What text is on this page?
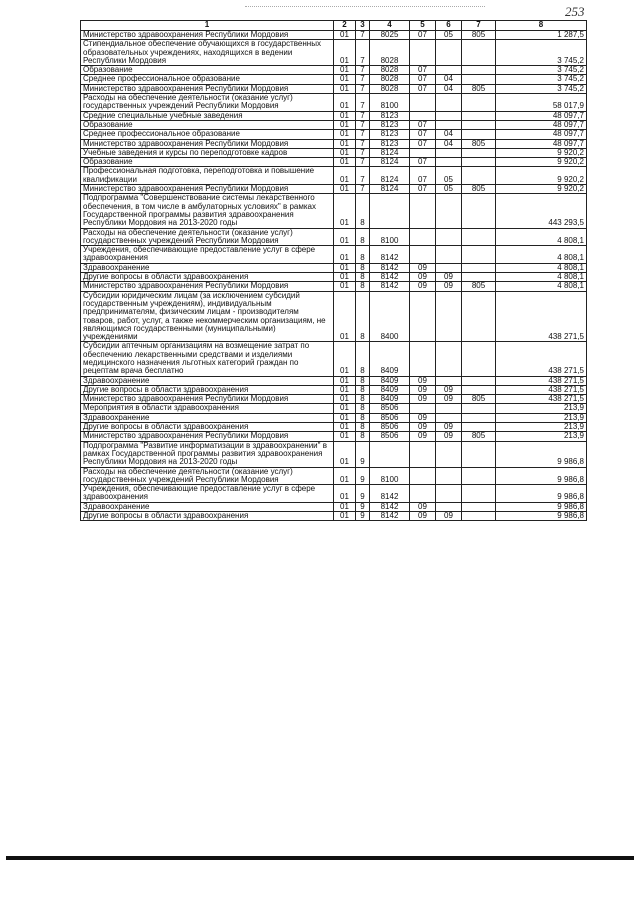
253
1	2	3	4	5	6	7	8
Министерство здравоохранения Республики Мордовия	01	7	8025	07	05	805	1 287,5
Стипендиальное обеспечение обучающихся в государственных образовательных учреждениях, находящихся в ведении Республики Мордовия	01	7	8028				3 745,2
Образование	01	7	8028	07			3 745,2
Среднее профессиональное образование	01	7	8028	07	04		3 745,2
Министерство здравоохранения Республики Мордовия	01	7	8028	07	04	805	3 745,2
Расходы на обеспечение деятельности (оказание услуг) государственных учреждений Республики Мордовия	01	7	8100				58 017,9
Средние специальные учебные заведения	01	7	8123				48 097,7
Образование	01	7	8123	07			48 097,7
Среднее профессиональное образование	01	7	8123	07	04		48 097,7
Министерство здравоохранения Республики Мордовия	01	7	8123	07	04	805	48 097,7
Учебные заведения и курсы по переподготовке кадров	01	7	8124				9 920,2
Образование	01	7	8124	07			9 920,2
Профессиональная подготовка, переподготовка и повышение квалификации	01	7	8124	07	05		9 920,2
Министерство здравоохранения Республики Мордовия	01	7	8124	07	05	805	9 920,2
Подпрограмма "Совершенствование системы лекарственного обеспечения, в том числе в амбулаторных условиях" в рамках Государственной программы развития здравоохранения Республики Мордовия на 2013-2020 годы	01	8					443 293,5
Расходы на обеспечение деятельности (оказание услуг) государственных учреждений Республики Мордовия	01	8	8100				4 808,1
Учреждения, обеспечивающие предоставление услуг в сфере здравоохранения	01	8	8142				4 808,1
Здравоохранение	01	8	8142	09			4 808,1
Другие вопросы в области здравоохранения	01	8	8142	09	09		4 808,1
Министерство здравоохранения Республики Мордовия	01	8	8142	09	09	805	4 808,1
Субсидии юридическим лицам (за исключением субсидий государственным учреждениям), индивидуальным предпринимателям, физическим лицам - производителям товаров, работ, услуг, а также некоммерческим организациям, не являющимся государственными (муниципальными) учреждениями	01	8	8400				438 271,5
Субсидии аптечным организациям на возмещение затрат по обеспечению лекарственными средствами и изделиями медицинского назначения льготных категорий граждан по рецептам врача бесплатно	01	8	8409				438 271,5
Здравоохранение	01	8	8409	09			438 271,5
Другие вопросы в области здравоохранения	01	8	8409	09	09		438 271,5
Министерство здравоохранения Республики Мордовия	01	8	8409	09	09	805	438 271,5
Мероприятия в области здравоохранения	01	8	8506				213,9
Здравоохранение	01	8	8506	09			213,9
Другие вопросы в области здравоохранения	01	8	8506	09	09		213,9
Министерство здравоохранения Республики Мордовия	01	8	8506	09	09	805	213,9
Подпрограмма "Развитие информатизации в здравоохранении" в рамках Государственной программы развития здравоохранения Республики Мордовия на 2013-2020 годы	01	9					9 986,8
Расходы на обеспечение деятельности (оказание услуг) государственных учреждений Республики Мордовия	01	9	8100				9 986,8
Учреждения, обеспечивающие предоставление услуг в сфере здравоохранения	01	9	8142				9 986,8
Здравоохранение	01	9	8142	09			9 986,8
Другие вопросы в области здравоохранения	01	9	8142	09	09		9 986,8
